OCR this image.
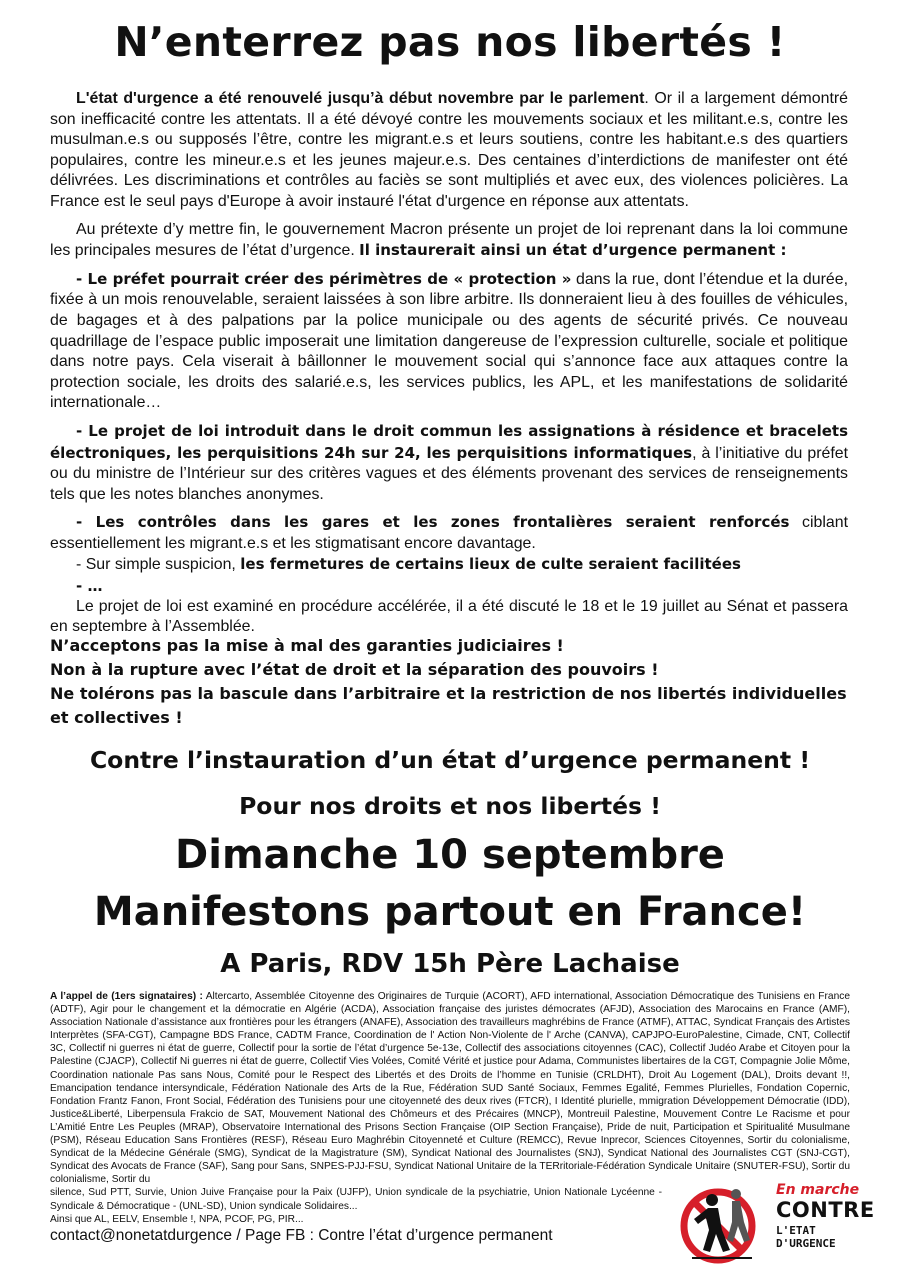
N’enterrez pas nos libertés !

L'état d'urgence a été renouvelé jusqu’à début novembre par le parlement. Or il a largement démontré son inefficacité contre les attentats. Il a été dévoyé contre les mouvements sociaux et les militant.e.s, contre les musulman.e.s ou supposés l’être, contre les migrant.e.s et leurs soutiens, contre les habitant.e.s des quartiers populaires, contre les mineur.e.s et les jeunes majeur.e.s. Des centaines d’interdictions de manifester ont été délivrées. Les discriminations et contrôles au faciès se sont multipliés et avec eux, des violences policières. La France est le seul pays d'Europe à avoir instauré l'état d'urgence en réponse aux attentats.

Au prétexte d’y mettre fin, le gouvernement Macron présente un projet de loi reprenant dans la loi commune les principales mesures de l’état d’urgence. Il instaurerait ainsi un état d’urgence permanent :

- Le préfet pourrait créer des périmètres de « protection » dans la rue, dont l’étendue et la durée, fixée à un mois renouvelable, seraient laissées à son libre arbitre. Ils donneraient lieu à des fouilles de véhicules, de bagages et à des palpations par la police municipale ou des agents de sécurité privés. Ce nouveau quadrillage de l’espace public imposerait une limitation dangereuse de l’expression culturelle, sociale et politique dans notre pays. Cela viserait à bâillonner le mouvement social qui s’annonce face aux attaques contre la protection sociale, les droits des salarié.e.s, les services publics, les APL, et les manifestations de solidarité internationale…

- Le projet de loi introduit dans le droit commun les assignations à résidence et bracelets électroniques, les perquisitions 24h sur 24, les perquisitions informatiques, à l’initiative du préfet ou du ministre de l’Intérieur sur des critères vagues et des éléments provenant des services de renseignements tels que les notes blanches anonymes.

- Les contrôles dans les gares et les zones frontalières seraient renforcés ciblant essentiellement les migrant.e.s et les stigmatisant encore davantage.

- Sur simple suspicion, les fermetures de certains lieux de culte seraient facilitées

- …

Le projet de loi est examiné en procédure accélérée, il a été discuté le 18 et le 19 juillet au Sénat et passera en septembre à l’Assemblée.

N’acceptons pas la mise à mal des garanties judiciaires !

Non à la rupture avec l’état de droit et la séparation des pouvoirs !

Ne tolérons pas la bascule dans l’arbitraire et la restriction de nos libertés individuelles et collectives !

Contre l’instauration d’un état d’urgence permanent !

Pour nos droits et nos libertés !

Dimanche 10 septembre

Manifestons partout en France!

A Paris, RDV 15h Père Lachaise

A l’appel de (1ers signataires) : Altercarto, Assemblée Citoyenne des Originaires de Turquie (ACORT), AFD international, Association Démocratique des Tunisiens en France (ADTF), Agir pour le changement et la démocratie en Algérie (ACDA), Association française des juristes démocrates (AFJD), Association des Marocains en France (AMF), Association Nationale d’assistance aux frontières pour les étrangers (ANAFE), Association des travailleurs maghrébins de France (ATMF), ATTAC, Syndicat Français des Artistes Interprètes (SFA-CGT), Campagne BDS France, CADTM France, Coordination de l' Action Non-Violente de l' Arche (CANVA), CAPJPO-EuroPalestine, Cimade, CNT, Collectif 3C, Collectif ni guerres ni état de guerre, Collectif pour la sortie de l’état d’urgence 5e-13e, Collectif des associations citoyennes (CAC), Collectif Judéo Arabe et Citoyen pour la Palestine (CJACP), Collectif Ni guerres ni état de guerre, Collectif Vies Volées, Comité Vérité et justice pour Adama, Communistes libertaires de la CGT, Compagnie Jolie Môme, Coordination nationale Pas sans Nous, Comité pour le Respect des Libertés et des Droits de l’homme en Tunisie (CRLDHT), Droit Au Logement (DAL), Droits devant !!, Emancipation tendance intersyndicale, Fédération Nationale des Arts de la Rue, Fédération SUD Santé Sociaux, Femmes Egalité, Femmes Plurielles, Fondation Copernic, Fondation Frantz Fanon, Front Social, Fédération des Tunisiens pour une citoyenneté des deux rives (FTCR), I Identité plurielle, mmigration Développement Démocratie (IDD), Justice&Liberté, Liberpensula Frakcio de SAT, Mouvement National des Chômeurs et des Précaires (MNCP), Montreuil Palestine, Mouvement Contre Le Racisme et pour L’Amitié Entre Les Peuples (MRAP), Observatoire International des Prisons Section Française (OIP Section Française), Pride de nuit, Participation et Spiritualité Musulmane (PSM), Réseau Education Sans Frontières (RESF), Réseau Euro Maghrébin Citoyenneté et Culture (REMCC), Revue Inprecor, Sciences Citoyennes, Sortir du colonialisme, Syndicat de la Médecine Générale (SMG), Syndicat de la Magistrature (SM), Syndicat National des Journalistes (SNJ), Syndicat National des Journalistes CGT (SNJ-CGT), Syndicat des Avocats de France (SAF), Sang pour Sans, SNPES-PJJ-FSU, Syndicat National Unitaire de la TERritoriale-Fédération Syndicale Unitaire (SNUTER-FSU), Sortir du colonialisme, Sortir du
silence, Sud PTT, Survie, Union Juive Française pour la Paix (UJFP), Union syndicale de la psychiatrie, Union Nationale Lycéenne - Syndicale & Démocratique - (UNL-SD), Union syndicale Solidaires...
Ainsi que AL, EELV, Ensemble !, NPA, PCOF, PG, PIR...

contact@nonetatdurgence / Page FB : Contre l’état d’urgence permanent

En marche

CONTRE

L'ETAT D'URGENCE
